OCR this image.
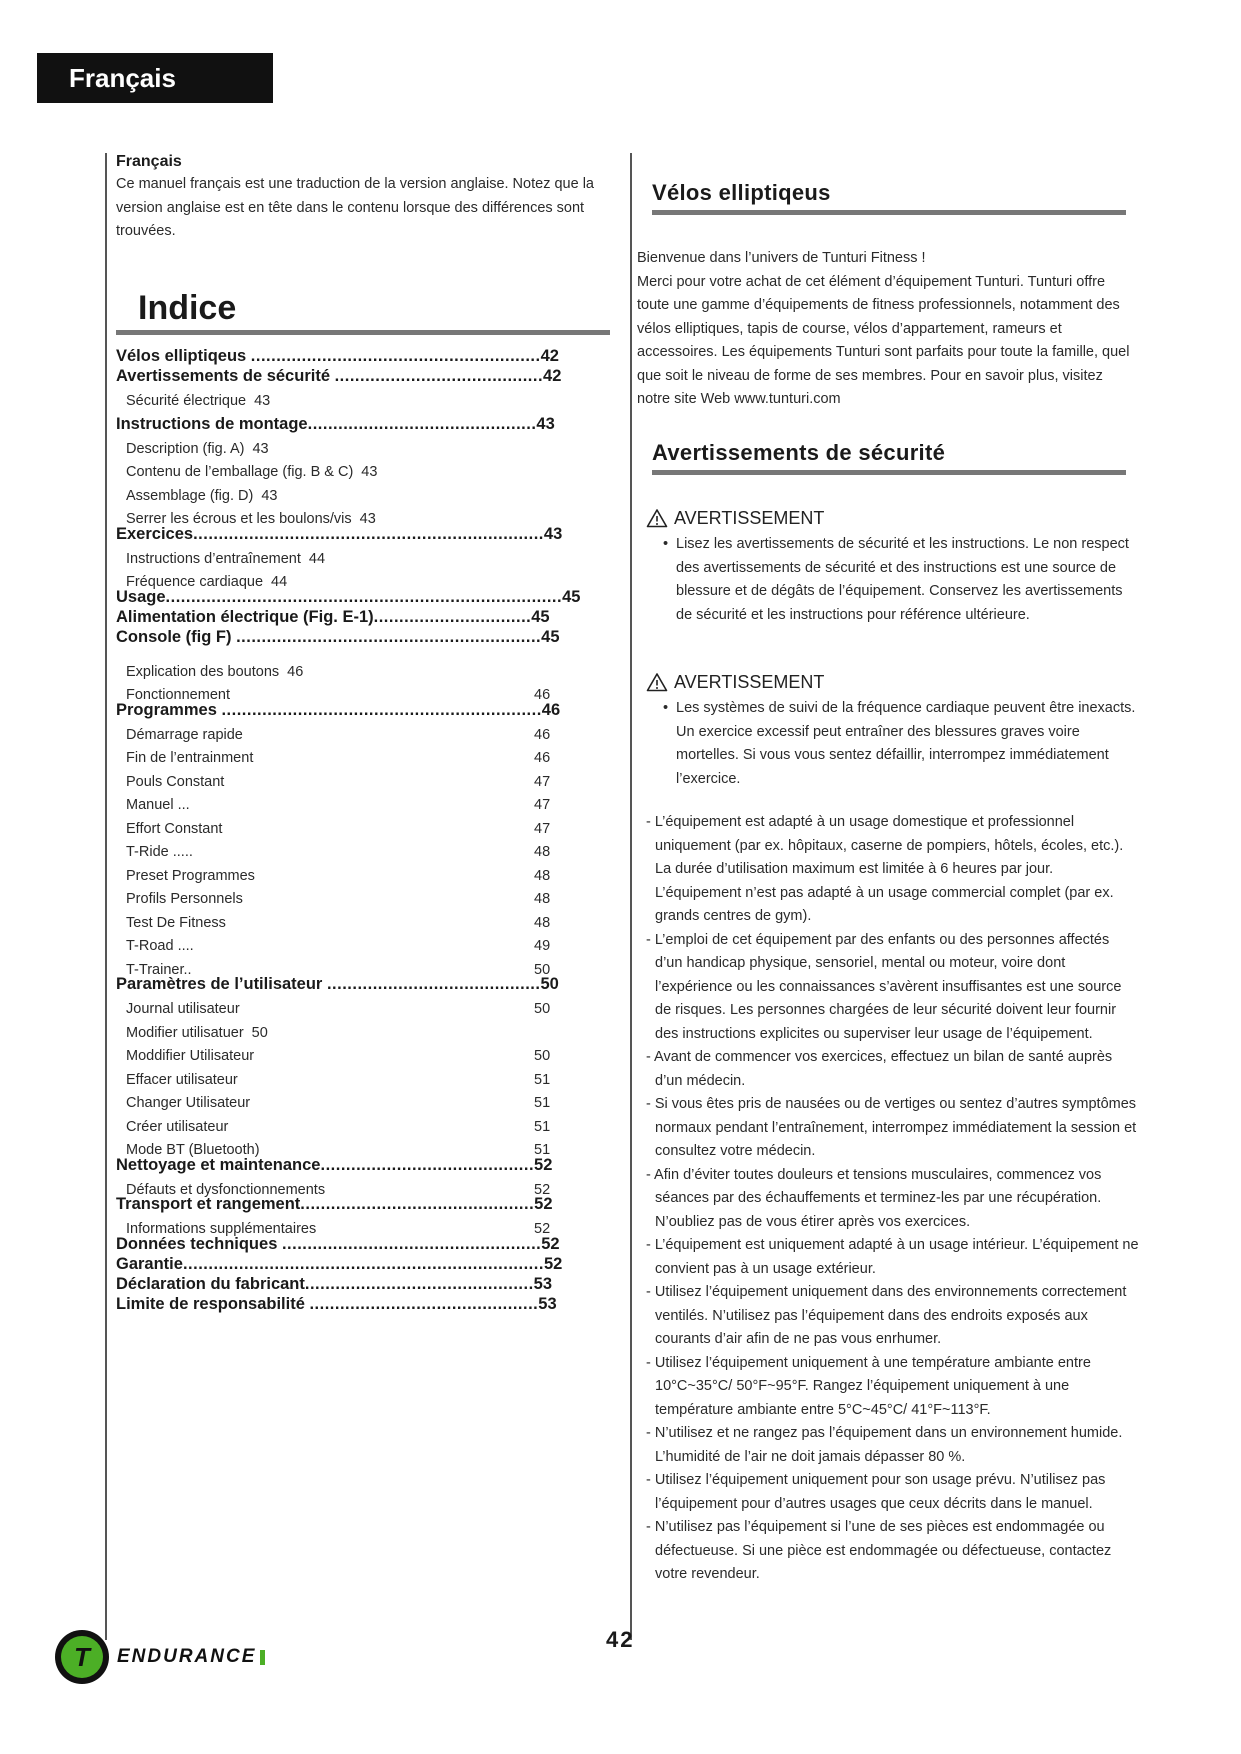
Français
Français

Ce manuel français est une traduction de la version anglaise. Notez que la version anglaise est en tête dans le contenu lorsque des différences sont trouvées.

Indice
Vélos elliptiqeus .........................................................42
Avertissements de sécurité .........................................42
Sécurité électrique 43
Instructions de montage.............................................43
Description (fig. A) 43
Contenu de l’emballage (fig. B & C) 43
Assemblage (fig. D) 43
Serrer les écrous et les boulons/vis 43
Exercices.....................................................................43
Instructions d’entraînement 44
Fréquence cardiaque 44
Usage..............................................................................45
Alimentation électrique (Fig. E-1)...............................45
Console (fig F) ............................................................45
Explication des boutons 46
Fonctionnement	46
Programmes ...............................................................46
Démarrage rapide	46
Fin de l’entrainment	46
Pouls Constant	47
Manuel ...	47
Effort Constant	47
T-Ride .....	48
Preset Programmes	48
Profils Personnels	48
Test De Fitness	48
T-Road ....	49
T-Trainer..	50
Paramètres de l’utilisateur ..........................................50
Journal utilisateur	50
Modifier utilisatuer 50
Moddifier Utilisateur	50
Effacer utilisateur	51
Changer Utilisateur	51
Créer utilisateur	51
Mode BT (Bluetooth)	51
Nettoyage et maintenance..........................................52
Défauts et dysfonctionnements	52
Transport et rangement..............................................52
Informations supplémentaires	52
Données techniques ...................................................52
Garantie.......................................................................52
Déclaration du fabricant.............................................53
Limite de responsabilité .............................................53
Vélos elliptiqeus

Bienvenue dans l’univers de Tunturi Fitness !

Merci pour votre achat de cet élément d’équipement Tunturi. Tunturi offre toute une gamme d’équipements de fitness professionnels, notamment des vélos elliptiques, tapis de course, vélos d’appartement, rameurs et accessoires. Les équipements Tunturi sont parfaits pour toute la famille, quel que soit le niveau de forme de ses membres. Pour en savoir plus, visitez notre site Web www.tunturi.com

Avertissements de sécurité
AVERTISSEMENT
• Lisez les avertissements de sécurité et les instructions. Le non respect des avertissements de sécurité et des instructions est une source de blessure et de dégâts de l’équipement. Conservez les avertissements de sécurité et les instructions pour référence ultérieure.
AVERTISSEMENT
• Les systèmes de suivi de la fréquence cardiaque peuvent être inexacts. Un exercice excessif peut entraîner des blessures graves voire mortelles. Si vous vous sentez défaillir, interrompez immédiatement l’exercice.
- L’équipement est adapté à un usage domestique et professionnel uniquement (par ex. hôpitaux, caserne de pompiers, hôtels, écoles, etc.). La durée d’utilisation maximum est limitée à 6 heures par jour. L’équipement n’est pas adapté à un usage commercial complet (par ex. grands centres de gym).
- L’emploi de cet équipement par des enfants ou des personnes affectés d’un handicap physique, sensoriel, mental ou moteur, voire dont l’expérience ou les connaissances s’avèrent insuffisantes est une source de risques. Les personnes chargées de leur sécurité doivent leur fournir des instructions explicites ou superviser leur usage de l’équipement.
- Avant de commencer vos exercices, effectuez un bilan de santé auprès d’un médecin.
- Si vous êtes pris de nausées ou de vertiges ou sentez d’autres symptômes normaux pendant l’entraînement, interrompez immédiatement la session et consultez votre médecin.
- Afin d’éviter toutes douleurs et tensions musculaires, commencez vos séances par des échauffements et terminez-les par une récupération. N’oubliez pas de vous étirer après vos exercices.
- L’équipement est uniquement adapté à un usage intérieur. L’équipement ne convient pas à un usage extérieur.
- Utilisez l’équipement uniquement dans des environnements correctement ventilés. N’utilisez pas l’équipement dans des endroits exposés aux courants d’air afin de ne pas vous enrhumer.
- Utilisez l’équipement uniquement à une température ambiante entre 10°C~35°C/ 50°F~95°F. Rangez l’équipement uniquement à une température ambiante entre 5°C~45°C/ 41°F~113°F.
- N’utilisez et ne rangez pas l’équipement dans un environnement humide. L’humidité de l’air ne doit jamais dépasser 80 %.
- Utilisez l’équipement uniquement pour son usage prévu. N’utilisez pas l’équipement pour d’autres usages que ceux décrits dans le manuel.
- N’utilisez pas l’équipement si l’une de ses pièces est endommagée ou défectueuse. Si une pièce est endommagée ou défectueuse, contactez votre revendeur.
T ENDURANCE
42
